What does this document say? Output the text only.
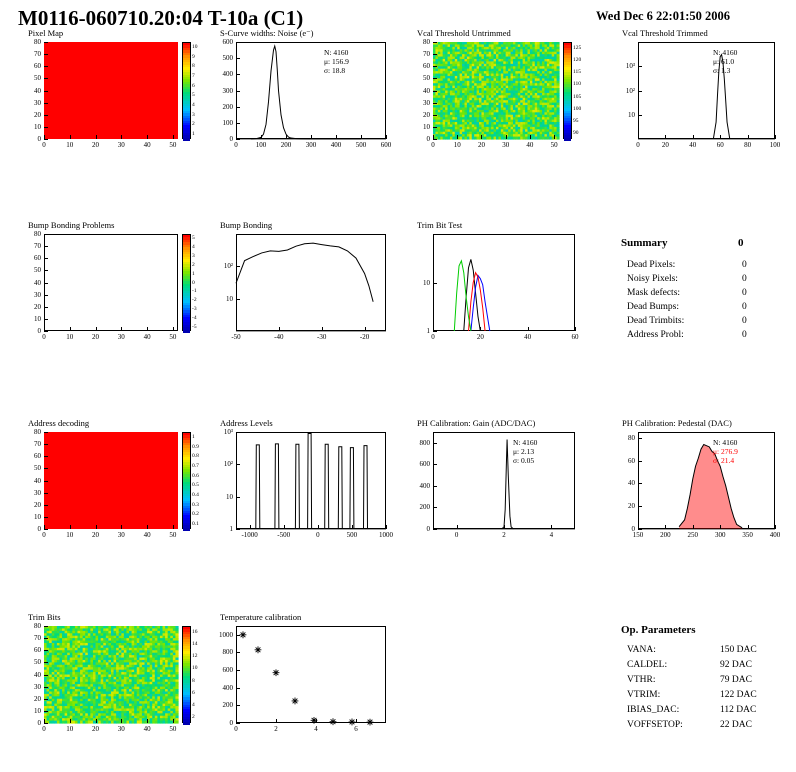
M0116-060710.20:04 T-10a (C1)	Wed Dec 6 22:01:50 2006
Pixel Map
0	10	20	30	40	50
0
10
20
30
40
50
60
70
80
10
9
8
7
6
5
4
3
2
1
S-Curve widths: Noise (e⁻)
0	100	200	300	400	500	600
0
100
200
300
400
500
600
N: 4160
μ: 156.9
σ: 18.8
Vcal Threshold Untrimmed
0	10	20	30	40	50
0
10
20
30
40
50
60
70
80
125
120
115
110
105
100
95
90
Vcal Threshold Trimmed
0	20	40	60	80	100
10
10²
10³
N: 4160
μ: 61.0
σ: 1.3
Bump Bonding Problems
0	10	20	30	40	50
0
10
20
30
40
50
60
70
80
5
4
3
2
1
0
-1
-2
-3
-4
-5
Bump Bonding
-50	-40	-30	-20
10
10²
Trim Bit Test
0	20	40	60
1
10
Address decoding
0	10	20	30	40	50
0
10
20
30
40
50
60
70
80
1
0.9
0.8
0.7
0.6
0.5
0.4
0.3
0.2
0.1
Address Levels
-1000	-500	0	500	1000
1
10
10²
10³
PH Calibration: Gain (ADC/DAC)
0	2	4
0
200
400
600
800	N: 4160
μ: 2.13
σ: 0.05
PH Calibration: Pedestal (DAC)
150	200	250	300	350	400
0
20
40
60
80
N: 4160
μ: 276.9
σ: 21.4
Trim Bits
0	10	20	30	40	50
0
10
20
30
40
50
60
70
80
16
14
12
10
8
6
4
2
Temperature calibration
0	2	4	6
0
200
400
600
800
1000
Summary	0
Dead Pixels:	0
Noisy Pixels:	0
Mask defects:	0
Dead Bumps:	0
Dead Trimbits:	0
Address Probl:	0
Op. Parameters
VANA:	150 DAC
CALDEL:	92 DAC
VTHR:	79 DAC
VTRIM:	122 DAC
IBIAS_DAC:	112 DAC
VOFFSETOP:	22 DAC
